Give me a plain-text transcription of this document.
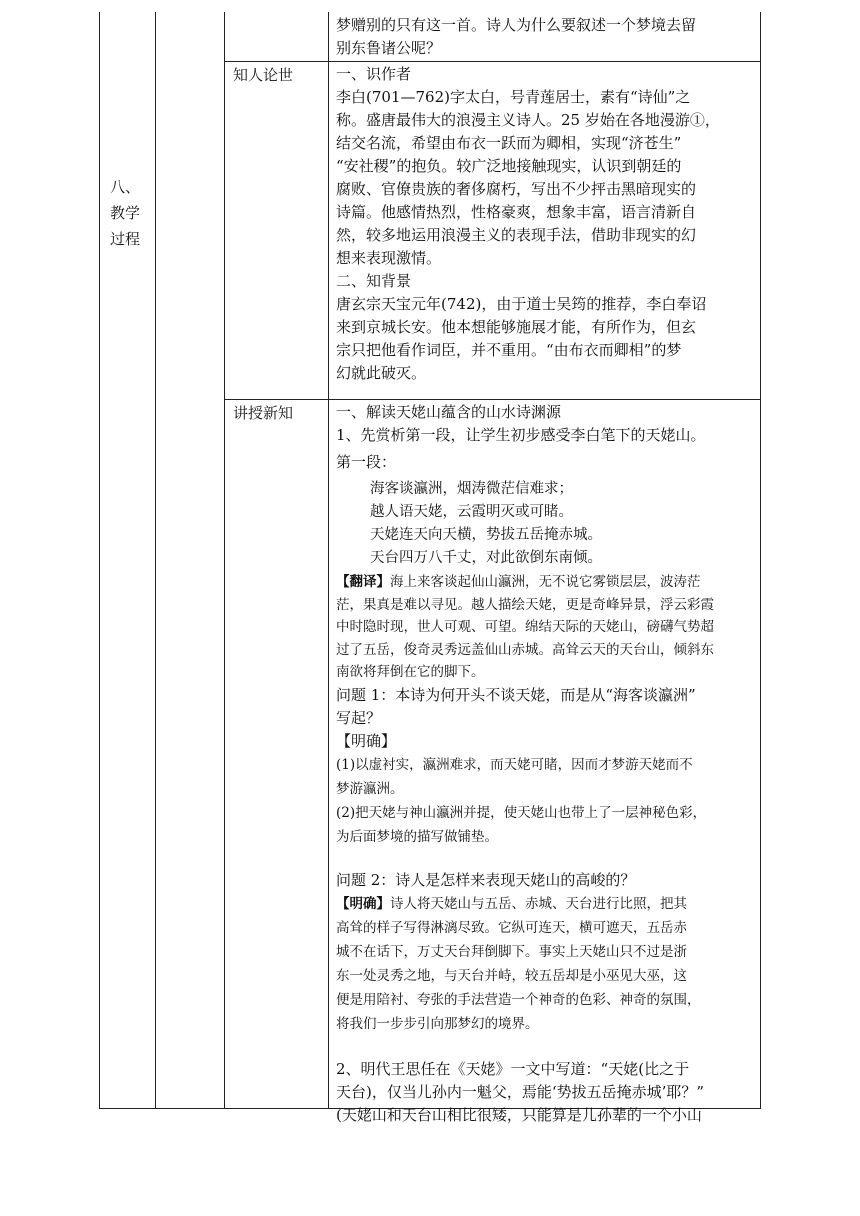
八、
教学
过程
梦赠别的只有这一首。诗人为什么要叙述一个梦境去留
别东鲁诸公呢？
知人论世	一、识作者
李白(701—762)字太白，号青莲居士，素有“诗仙”之
称。盛唐最伟大的浪漫主义诗人。25 岁始在各地漫游①，
结交名流，希望由布衣一跃而为卿相，实现“济苍生”
“安社稷”的抱负。较广泛地接触现实，认识到朝廷的
腐败、官僚贵族的奢侈腐朽，写出不少抨击黑暗现实的
诗篇。他感情热烈，性格豪爽，想象丰富，语言清新自
然，较多地运用浪漫主义的表现手法，借助非现实的幻
想来表现激情。
二、知背景
唐玄宗天宝元年(742)，由于道士吴筠的推荐，李白奉诏
来到京城长安。他本想能够施展才能，有所作为，但玄
宗只把他看作词臣，并不重用。“由布衣而卿相”的梦
幻就此破灭。
讲授新知	一、解读天姥山蕴含的山水诗渊源
1、先赏析第一段，让学生初步感受李白笔下的天姥山。
第一段：
海客谈瀛洲，烟涛微茫信难求；
越人语天姥，云霞明灭或可睹。
天姥连天向天横，势拔五岳掩赤城。
天台四万八千丈，对此欲倒东南倾。
【翻译】海上来客谈起仙山瀛洲，无不说它雾锁层层，波涛茫
茫，果真是难以寻见。越人描绘天姥，更是奇峰异景，浮云彩霞
中时隐时现，世人可观、可望。绵结天际的天姥山，磅礴气势超
过了五岳，俊奇灵秀远盖仙山赤城。高耸云天的天台山，倾斜东
南欲将拜倒在它的脚下。
问题 1：本诗为何开头不谈天姥，而是从“海客谈瀛洲”
写起？
【明确】
(1)以虚衬实，瀛洲难求，而天姥可睹，因而才梦游天姥而不
梦游瀛洲。
(2)把天姥与神山瀛洲并提，使天姥山也带上了一层神秘色彩，
为后面梦境的描写做铺垫。
问题 2：诗人是怎样来表现天姥山的高峻的？
【明确】诗人将天姥山与五岳、赤城、天台进行比照，把其
高耸的样子写得淋漓尽致。它纵可连天，横可遮天，五岳赤
城不在话下，万丈天台拜倒脚下。事实上天姥山只不过是浙
东一处灵秀之地，与天台并峙，较五岳却是小巫见大巫，这
便是用陪衬、夸张的手法营造一个神奇的色彩、神奇的氛围，
将我们一步步引向那梦幻的境界。
2、明代王思任在《天姥》一文中写道：“天姥(比之于
天台)，仅当儿孙内一魁父，焉能‘势拔五岳掩赤城’耶？”
(天姥山和天台山相比很矮，只能算是儿孙辈的一个小山
